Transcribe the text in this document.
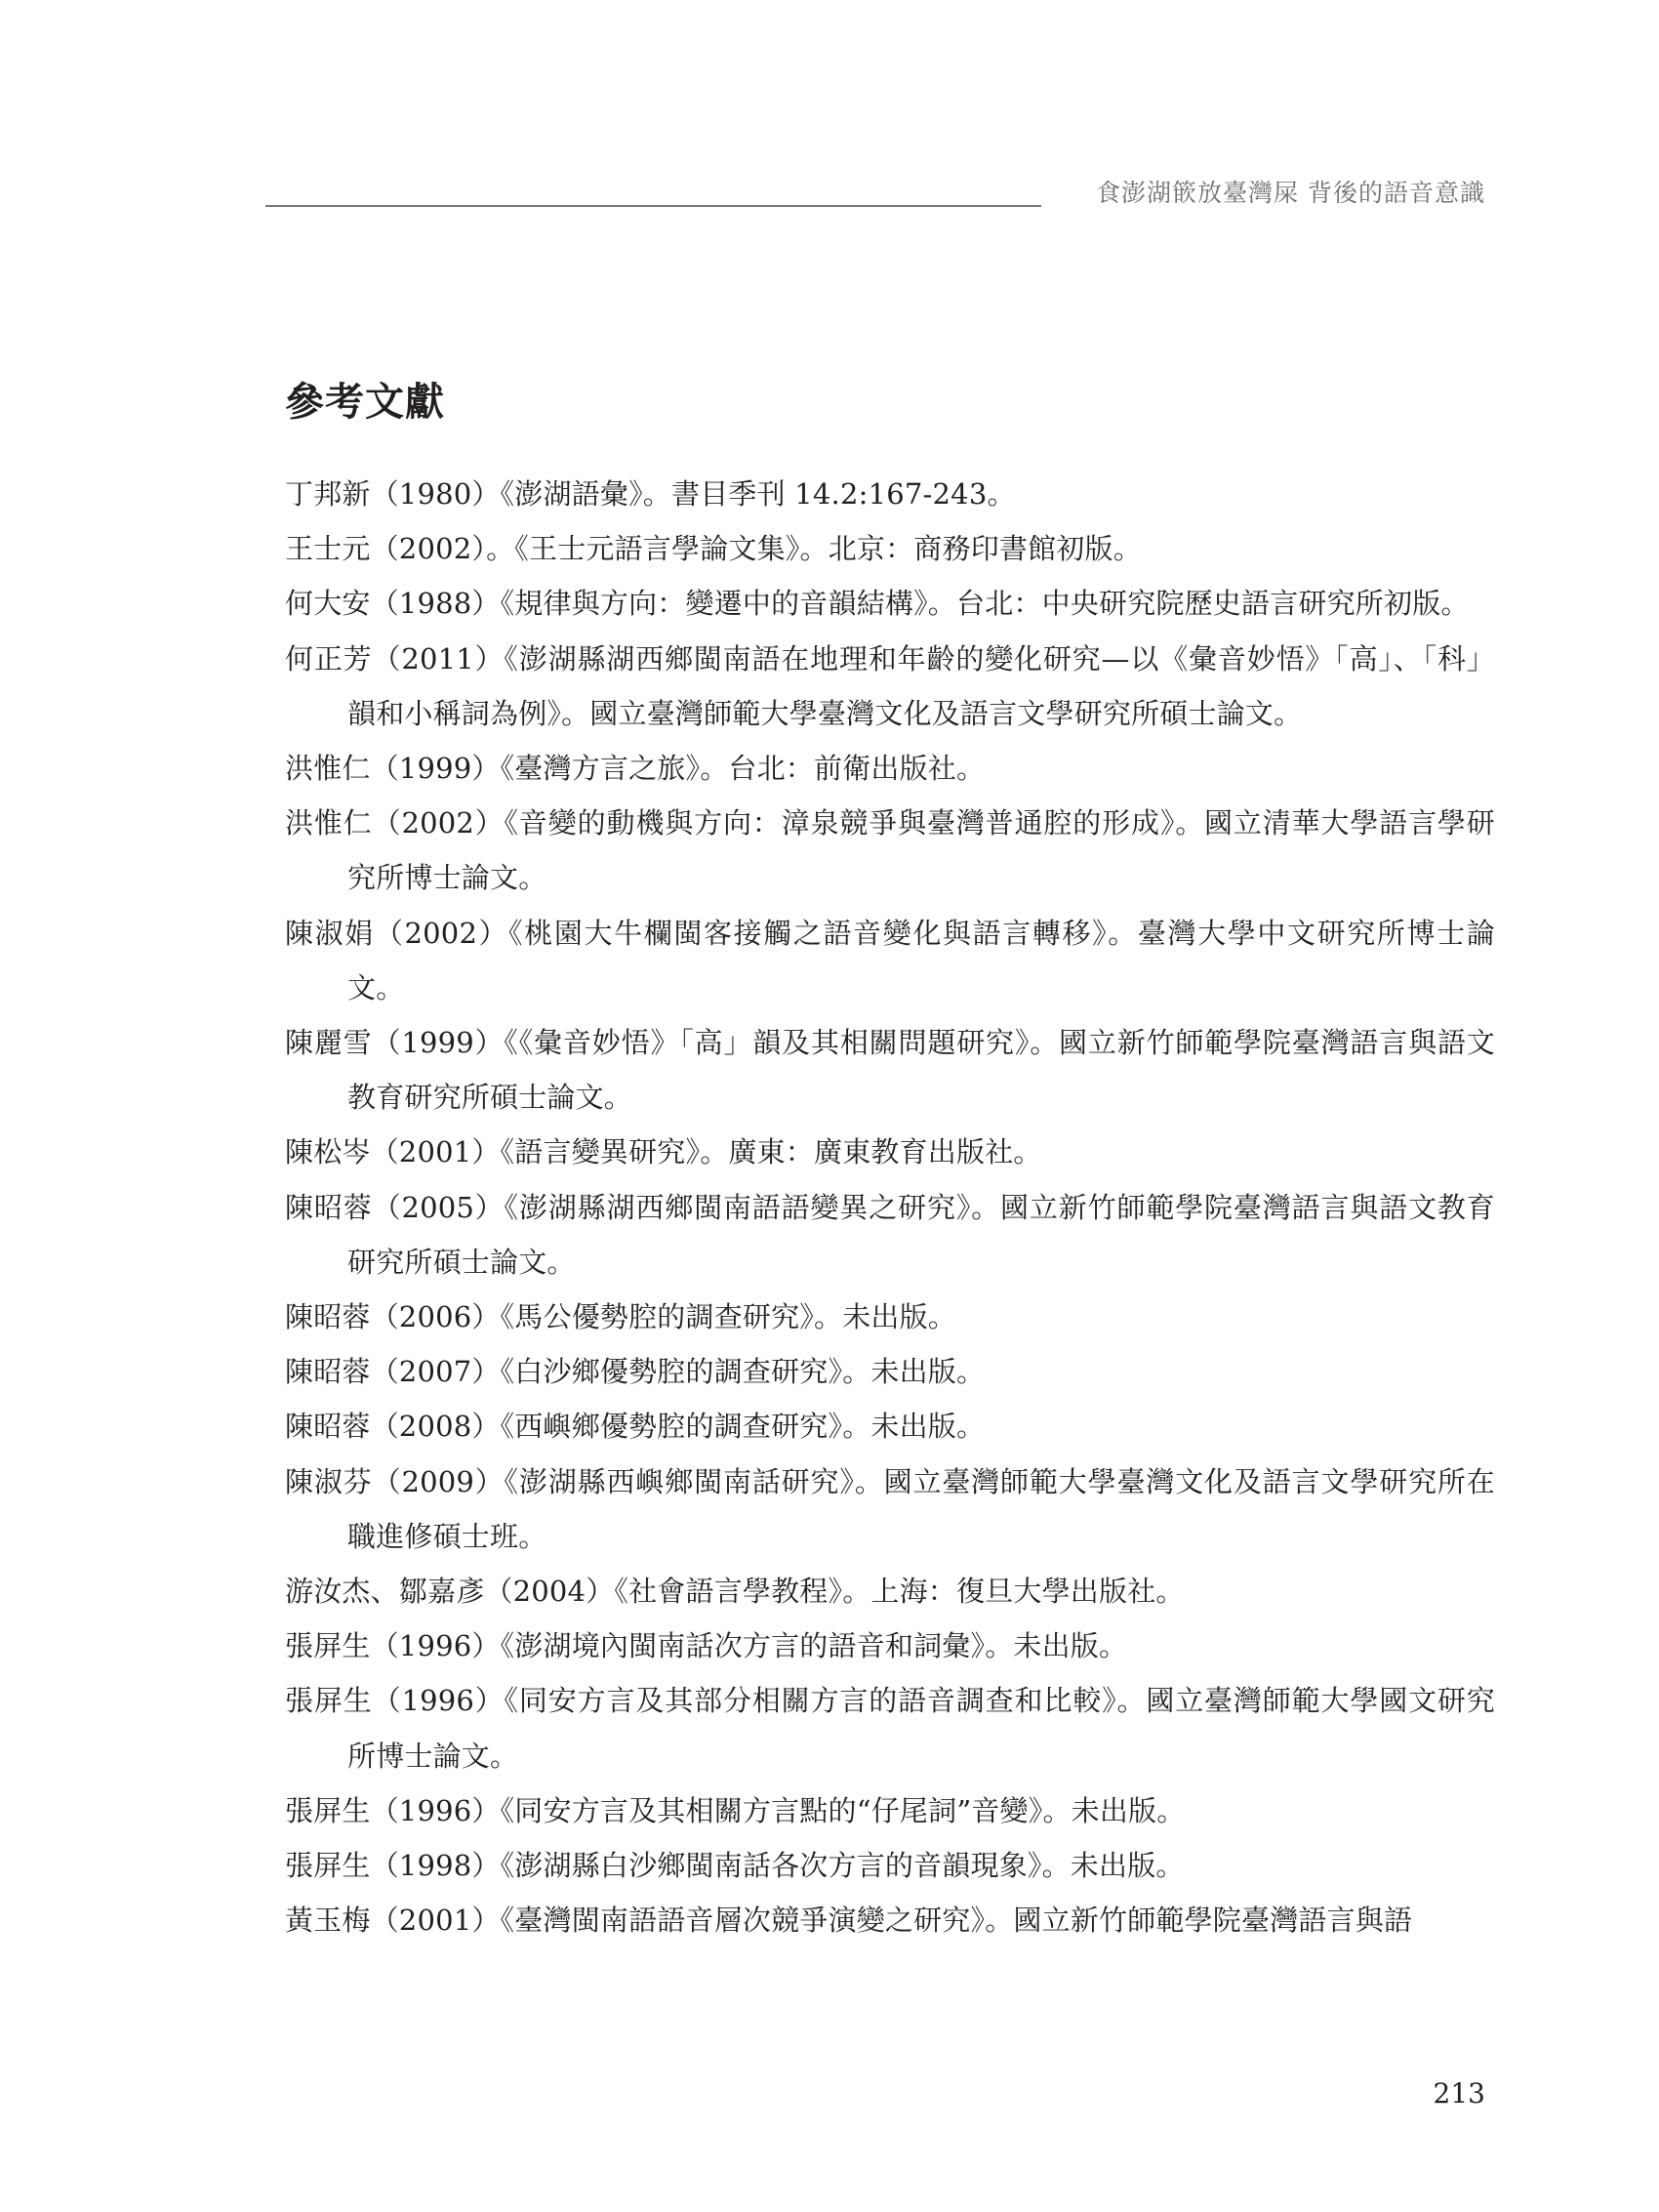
食澎湖篏放臺灣屎 背後的語音意識
參考文獻
丁邦新（1980）《澎湖語彙》。書目季刊 14.2:167-243。
王士元（2002）。《王士元語言學論文集》。北京：商務印書館初版。
何大安（1988）《規律與方向：變遷中的音韻結構》。台北：中央研究院歷史語言研究所初版。
何正芳（2011）《澎湖縣湖西鄉閩南語在地理和年齡的變化研究—以《彙音妙悟》「高」、「科」韻和小稱詞為例》。國立臺灣師範大學臺灣文化及語言文學研究所碩士論文。
洪惟仁（1999）《臺灣方言之旅》。台北：前衛出版社。
洪惟仁（2002）《音變的動機與方向：漳泉競爭與臺灣普通腔的形成》。國立清華大學語言學研究所博士論文。
陳淑娟（2002）《桃園大牛欄閩客接觸之語音變化與語言轉移》。臺灣大學中文研究所博士論文。
陳麗雪（1999）《《彙音妙悟》「高」韻及其相關問題研究》。國立新竹師範學院臺灣語言與語文教育研究所碩士論文。
陳松岑（2001）《語言變異研究》。廣東：廣東教育出版社。
陳昭蓉（2005）《澎湖縣湖西鄉閩南語語變異之研究》。國立新竹師範學院臺灣語言與語文教育研究所碩士論文。
陳昭蓉（2006）《馬公優勢腔的調查研究》。未出版。
陳昭蓉（2007）《白沙鄉優勢腔的調查研究》。未出版。
陳昭蓉（2008）《西嶼鄉優勢腔的調查研究》。未出版。
陳淑芬（2009）《澎湖縣西嶼鄉閩南話研究》。國立臺灣師範大學臺灣文化及語言文學研究所在職進修碩士班。
游汝杰、鄒嘉彥（2004）《社會語言學教程》。上海：復旦大學出版社。
張屏生（1996）《澎湖境內閩南話次方言的語音和詞彙》。未出版。
張屏生（1996）《同安方言及其部分相關方言的語音調查和比較》。國立臺灣師範大學國文研究所博士論文。
張屏生（1996）《同安方言及其相關方言點的“仔尾詞”音變》。未出版。
張屏生（1998）《澎湖縣白沙鄉閩南話各次方言的音韻現象》。未出版。
黃玉梅（2001）《臺灣閩南語語音層次競爭演變之研究》。國立新竹師範學院臺灣語言與語
213
